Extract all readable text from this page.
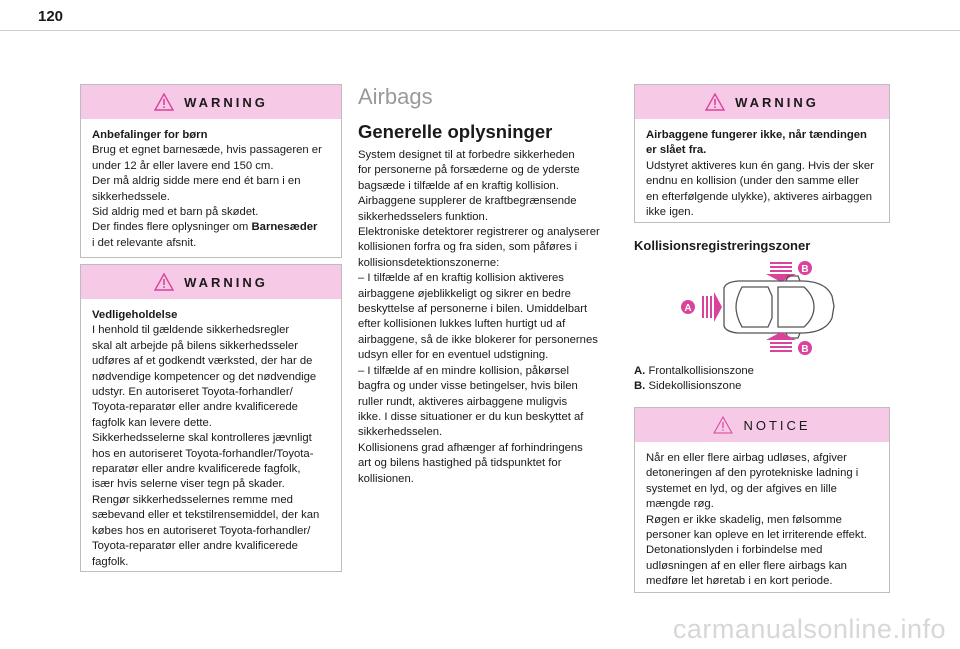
120
WARNING

Anbefalinger for børn

Brug et egnet barnesæde, hvis passageren er

under 12 år eller lavere end 150 cm.

Der må aldrig sidde mere end ét barn i en

sikkerhedssele.

Sid aldrig med et barn på skødet.

Der findes flere oplysninger om Barnesæder

i det relevante afsnit.

WARNING

Vedligeholdelse

I henhold til gældende sikkerhedsregler

skal alt arbejde på bilens sikkerhedsseler

udføres af et godkendt værksted, der har de

nødvendige kompetencer og det nødvendige

udstyr. En autoriseret Toyota-forhandler/

Toyota-reparatør eller andre kvalificerede

fagfolk kan levere dette.

Sikkerhedsselerne skal kontrolleres jævnligt

hos en autoriseret Toyota-forhandler/Toyota-

reparatør eller andre kvalificerede fagfolk,

især hvis selerne viser tegn på skader.

Rengør sikkerhedsselernes remme med

sæbevand eller et tekstilrensemiddel, der kan

købes hos en autoriseret Toyota-forhandler/

Toyota-reparatør eller andre kvalificerede

fagfolk.

Airbags
Generelle oplysninger

System designet til at forbedre sikkerheden

for personerne på forsæderne og de yderste

bagsæde i tilfælde af en kraftig kollision.

Airbaggene supplerer de kraftbegrænsende

sikkerhedsselers funktion.

Elektroniske detektorer registrerer og analyserer

kollisionen forfra og fra siden, som påføres i

kollisionsdetektionszonerne:

– I tilfælde af en kraftig kollision aktiveres

airbaggene øjeblikkeligt og sikrer en bedre

beskyttelse af personerne i bilen. Umiddelbart

efter kollisionen lukkes luften hurtigt ud af

airbaggene, så de ikke blokerer for personernes

udsyn eller for en eventuel udstigning.

– I tilfælde af en mindre kollision, påkørsel

bagfra og under visse betingelser, hvis bilen

ruller rundt, aktiveres airbaggene muligvis

ikke. I disse situationer er du kun beskyttet af

sikkerhedsselen.

Kollisionens grad afhænger af forhindringens

art og bilens hastighed på tidspunktet for

kollisionen.

WARNING

Airbaggene fungerer ikke, når tændingen

er slået fra.

Udstyret aktiveres kun én gang. Hvis der sker

endnu en kollision (under den samme eller

en efterfølgende ulykke), aktiveres airbaggen

ikke igen.

Kollisionsregistreringszoner
B
A
B

A. Frontalkollisionszone

B. Sidekollisionszone

NOTICE

Når en eller flere airbag udløses, afgiver

detoneringen af den pyrotekniske ladning i

systemet en lyd, og der afgives en lille

mængde røg.

Røgen er ikke skadelig, men følsomme

personer kan opleve en let irriterende effekt.

Detonationslyden i forbindelse med

udløsningen af en eller flere airbags kan

medføre let høretab i en kort periode.

carmanualsonline.info
